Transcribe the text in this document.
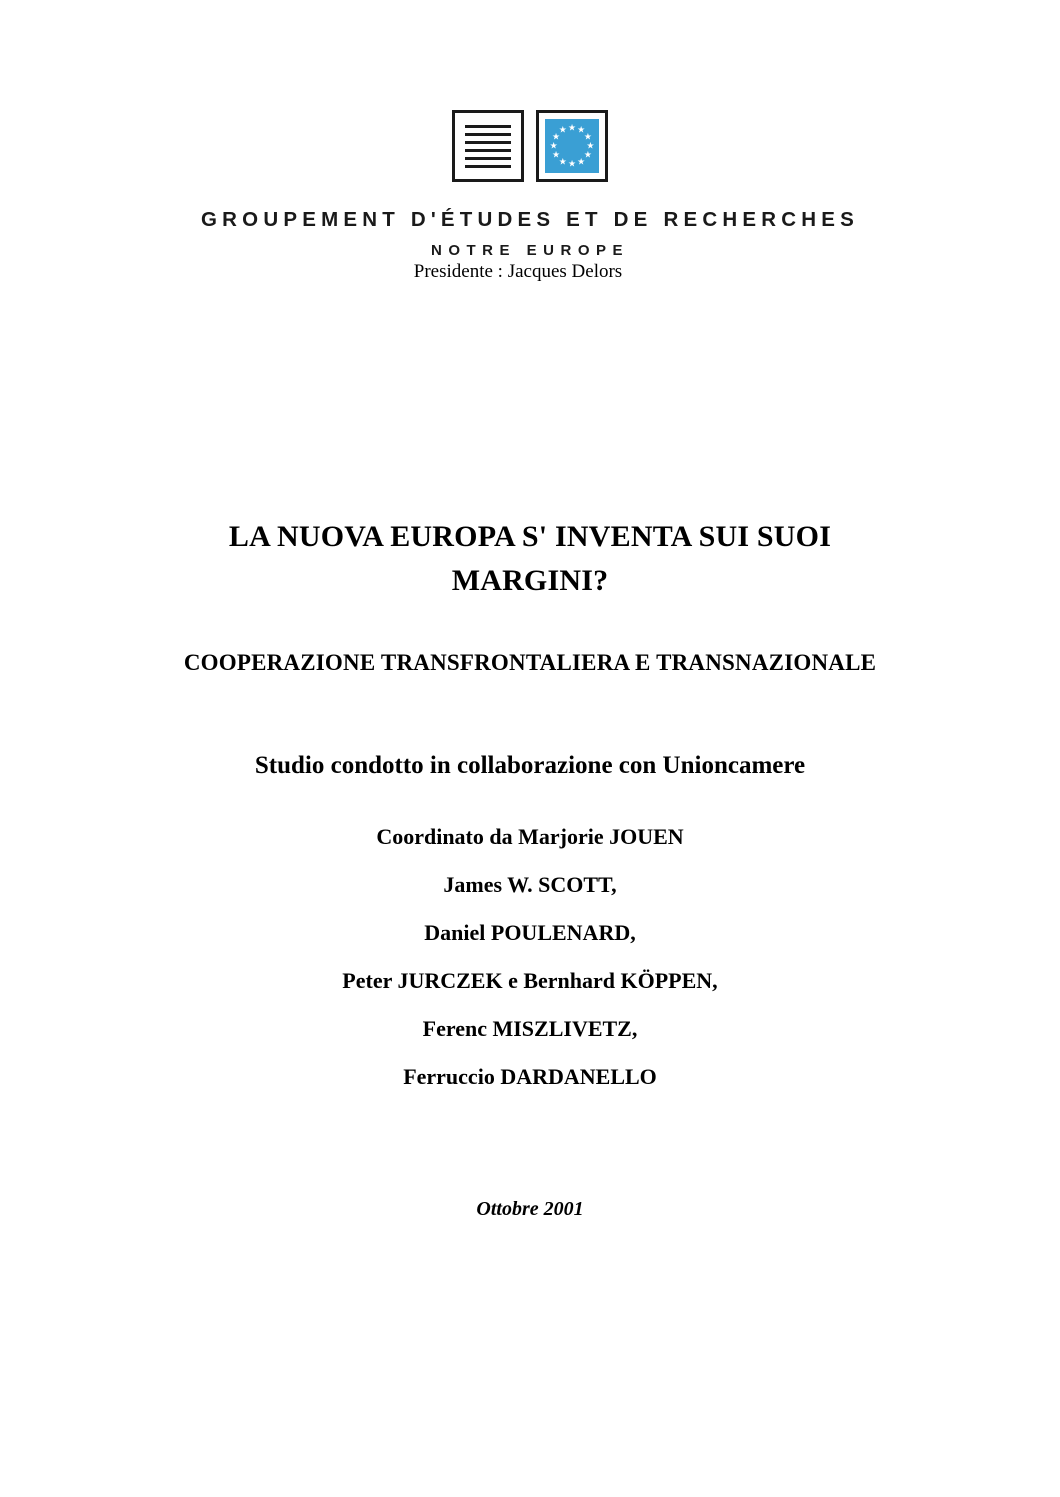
★ ★
★
★
★
★
★
★
★
★
★
★
GROUPEMENT D'ÉTUDES ET DE RECHERCHES
NOTRE EUROPE
Presidente : Jacques Delors
LA NUOVA EUROPA S' INVENTA SUI SUOI MARGINI?
COOPERAZIONE TRANSFRONTALIERA E TRANSNAZIONALE
Studio condotto in collaborazione con Unioncamere
Coordinato da Marjorie JOUEN
James W. SCOTT,
Daniel POULENARD,
Peter JURCZEK e Bernhard KÖPPEN,
Ferenc MISZLIVETZ,
Ferruccio DARDANELLO
Ottobre 2001
